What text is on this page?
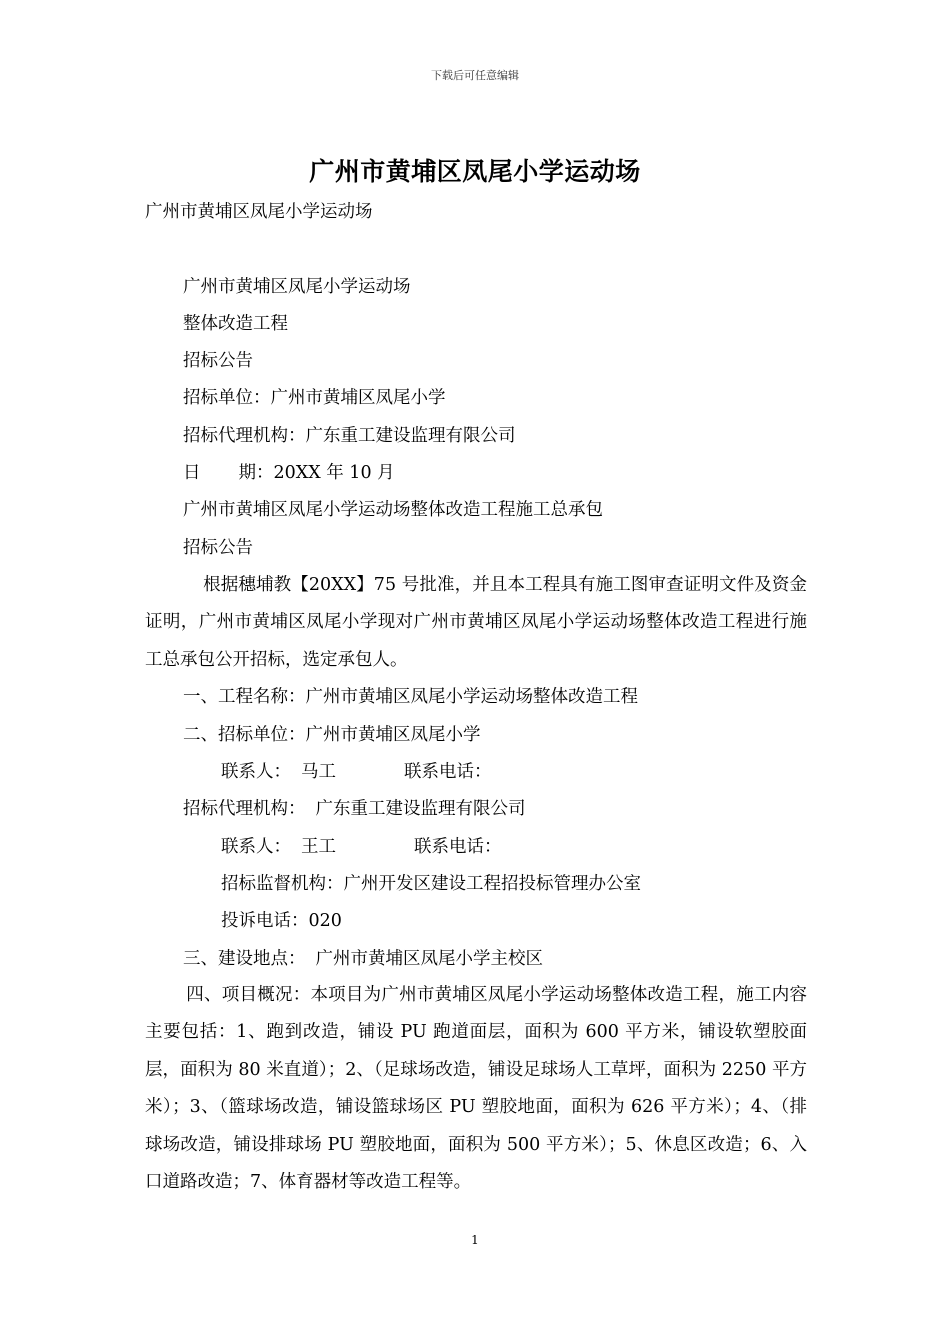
下载后可任意编辑
广州市黄埔区凤尾小学运动场
广州市黄埔区凤尾小学运动场
广州市黄埔区凤尾小学运动场
整体改造工程
招标公告
招标单位：广州市黄埔区凤尾小学
招标代理机构：广东重工建设监理有限公司
日 期：20XX 年 10 月
广州市黄埔区凤尾小学运动场整体改造工程施工总承包
招标公告
根据穗埔教【20XX】75 号批准，并且本工程具有施工图审查证明文件及资金证明，广州市黄埔区凤尾小学现对广州市黄埔区凤尾小学运动场整体改造工程进行施工总承包公开招标，选定承包人。
一、工程名称：广州市黄埔区凤尾小学运动场整体改造工程
二、招标单位：广州市黄埔区凤尾小学
联系人： 马工	联系电话：
招标代理机构： 广东重工建设监理有限公司
联系人： 王工	联系电话：
招标监督机构：广州开发区建设工程招投标管理办公室
投诉电话：020
三、建设地点： 广州市黄埔区凤尾小学主校区
四、项目概况：本项目为广州市黄埔区凤尾小学运动场整体改造工程，施工内容主要包括：1、跑到改造，铺设 PU 跑道面层，面积为 600 平方米，铺设软塑胶面层，面积为 80 米直道）；2、（足球场改造，铺设足球场人工草坪，面积为 2250 平方米）；3、（篮球场改造，铺设篮球场区 PU 塑胶地面，面积为 626 平方米）；4、（排球场改造，铺设排球场 PU 塑胶地面，面积为 500 平方米）；5、休息区改造；6、入口道路改造；7、体育器材等改造工程等。
1
